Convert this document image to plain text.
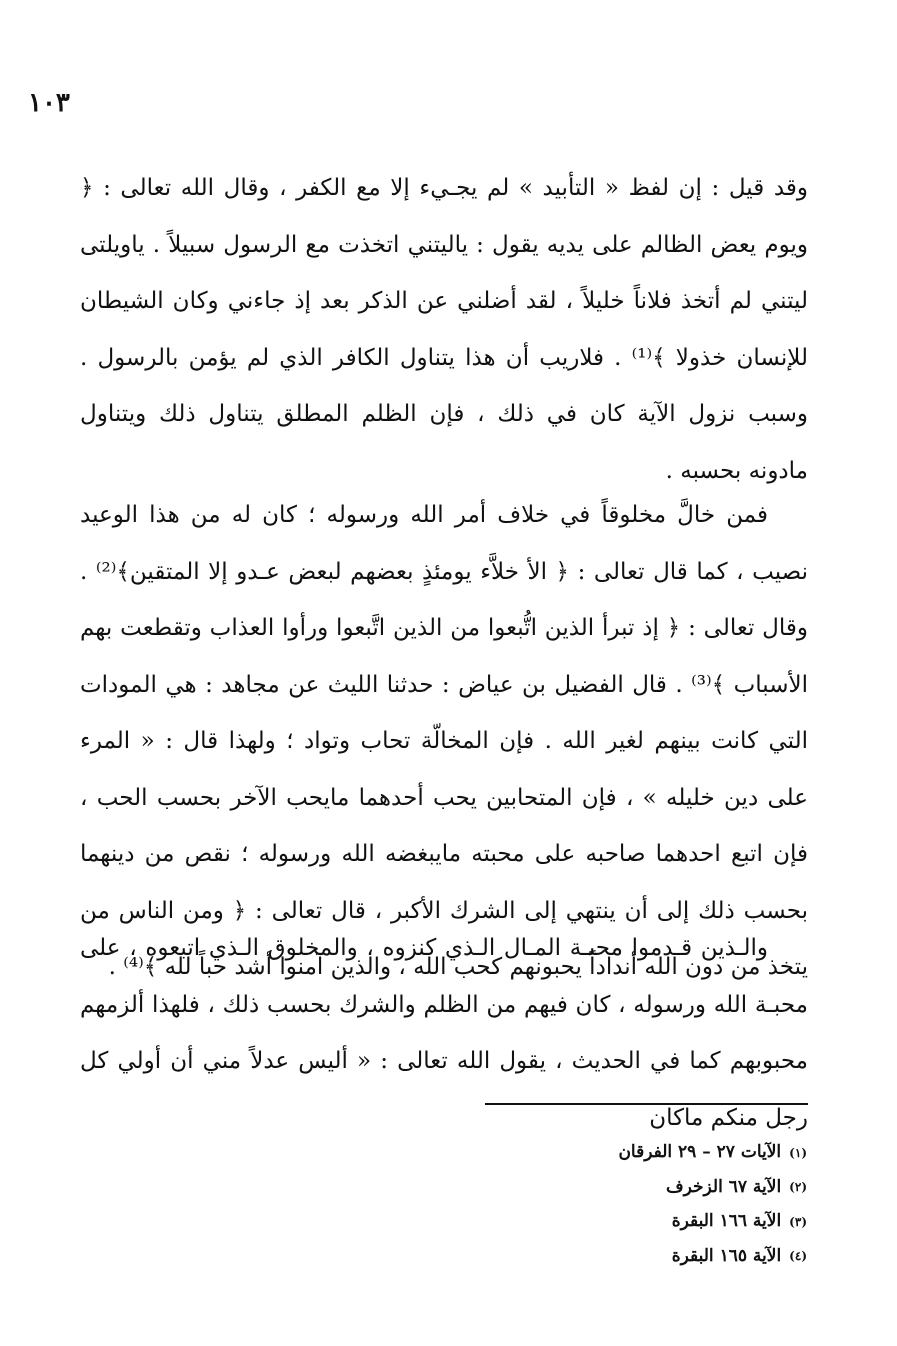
١٠٣

وقد قيل : إن لفظ « التأبيد » لم يجـيء إلا مع الكفر ، وقال الله تعالى : ﴿ ويوم يعض الظالم على يديه يقول : ياليتني اتخذت مع الرسول سبيلاً . ياويلتى ليتني لم أتخذ فلاناً خليلاً ، لقد أضلني عن الذكر بعد إذ جاءني وكان الشيطان للإنسان خذولا ﴾⁽¹⁾ . فلاريب أن هذا يتناول الكافر الذي لم يؤمن بالرسول . وسبب نزول الآية كان في ذلك ، فإن الظلم المطلق يتناول ذلك ويتناول مادونه بحسبه .

فمن خالَّ مخلوقاً في خلاف أمر الله ورسوله ؛ كان له من هذا الوعيد نصيب ، كما قال تعالى : ﴿ الأ خلاَّء يومئذٍ بعضهم لبعض عـدو إلا المتقين﴾⁽²⁾ . وقال تعالى : ﴿ إذ تبرأ الذين اتُّبعوا من الذين اتَّبعوا ورأوا العذاب وتقطعت بهم الأسباب ﴾⁽³⁾ . قال الفضيل بن عياض : حدثنا الليث عن مجاهد : هي المودات التي كانت بينهم لغير الله . فإن المخالّة تحاب وتواد ؛ ولهذا قال : « المرء على دين خليله » ، فإن المتحابين يحب أحدهما مايحب الآخر بحسب الحب ، فإن اتبع احدهما صاحبه على محبته مايبغضه الله ورسوله ؛ نقص من دينهما بحسب ذلك إلى أن ينتهي إلى الشرك الأكبر ، قال تعالى : ﴿ ومن الناس من يتخذ من دون الله أنداداً يحبونهم كحب الله ، والذين آمنوا أشد حباً لله ﴾⁽⁴⁾ .

والـذين قـدموا محبـة المـال الـذي كنزوه ، والمخلوق الـذي اتبعوه ، على محبـة الله ورسوله ، كان فيهم من الظلم والشرك بحسب ذلك ، فلهذا ألزمهم محبوبهم كما في الحديث ، يقول الله تعالى : « أليس عدلاً مني أن أولي كل رجل منكم ماكان

(١)الآيات ٢٧ – ٢٩ الفرقان
(٢)الآية ٦٧ الزخرف
(٣)الآية ١٦٦ البقرة
(٤)الآية ١٦٥ البقرة
